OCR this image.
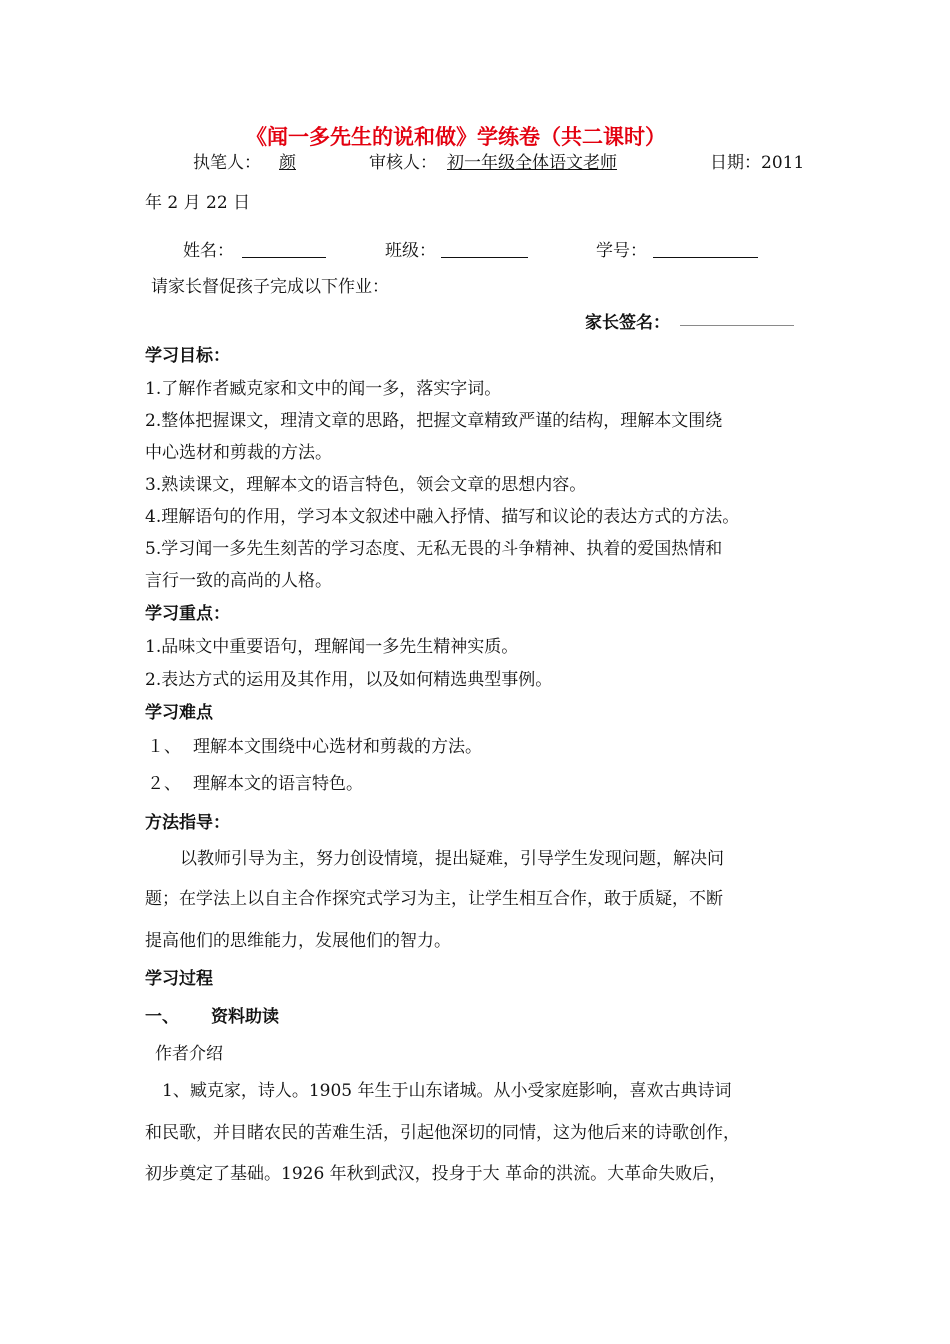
《闻一多先生的说和做》学练卷（共二课时）
执笔人： 颜	审核人： 初一年级全体语文老师	日期：2011
年 2 月 22 日
姓名：	班级：	学号：
请家长督促孩子完成以下作业：
家长签名：
学习目标：
1.了解作者臧克家和文中的闻一多，落实字词。
2.整体把握课文，理清文章的思路，把握文章精致严谨的结构，理解本文围绕
中心选材和剪裁的方法。
3.熟读课文，理解本文的语言特色，领会文章的思想内容。
4.理解语句的作用，学习本文叙述中融入抒情、描写和议论的表达方式的方法。
5.学习闻一多先生刻苦的学习态度、无私无畏的斗争精神、执着的爱国热情和
言行一致的高尚的人格。
学习重点：
1.品味文中重要语句，理解闻一多先生精神实质。
2.表达方式的运用及其作用，以及如何精选典型事例。
学习难点
１、 理解本文围绕中心选材和剪裁的方法。
２、 理解本文的语言特色。
方法指导：
以教师引导为主，努力创设情境，提出疑难，引导学生发现问题，解决问
题；在学法上以自主合作探究式学习为主，让学生相互合作，敢于质疑，不断
提高他们的思维能力，发展他们的智力。
学习过程
一、 资料助读
作者介绍
1、臧克家，诗人。1905 年生于山东诸城。从小受家庭影响，喜欢古典诗词
和民歌，并目睹农民的苦难生活，引起他深切的同情，这为他后来的诗歌创作，
初步奠定了基础。1926 年秋到武汉，投身于大 革命的洪流。大革命失败后，
